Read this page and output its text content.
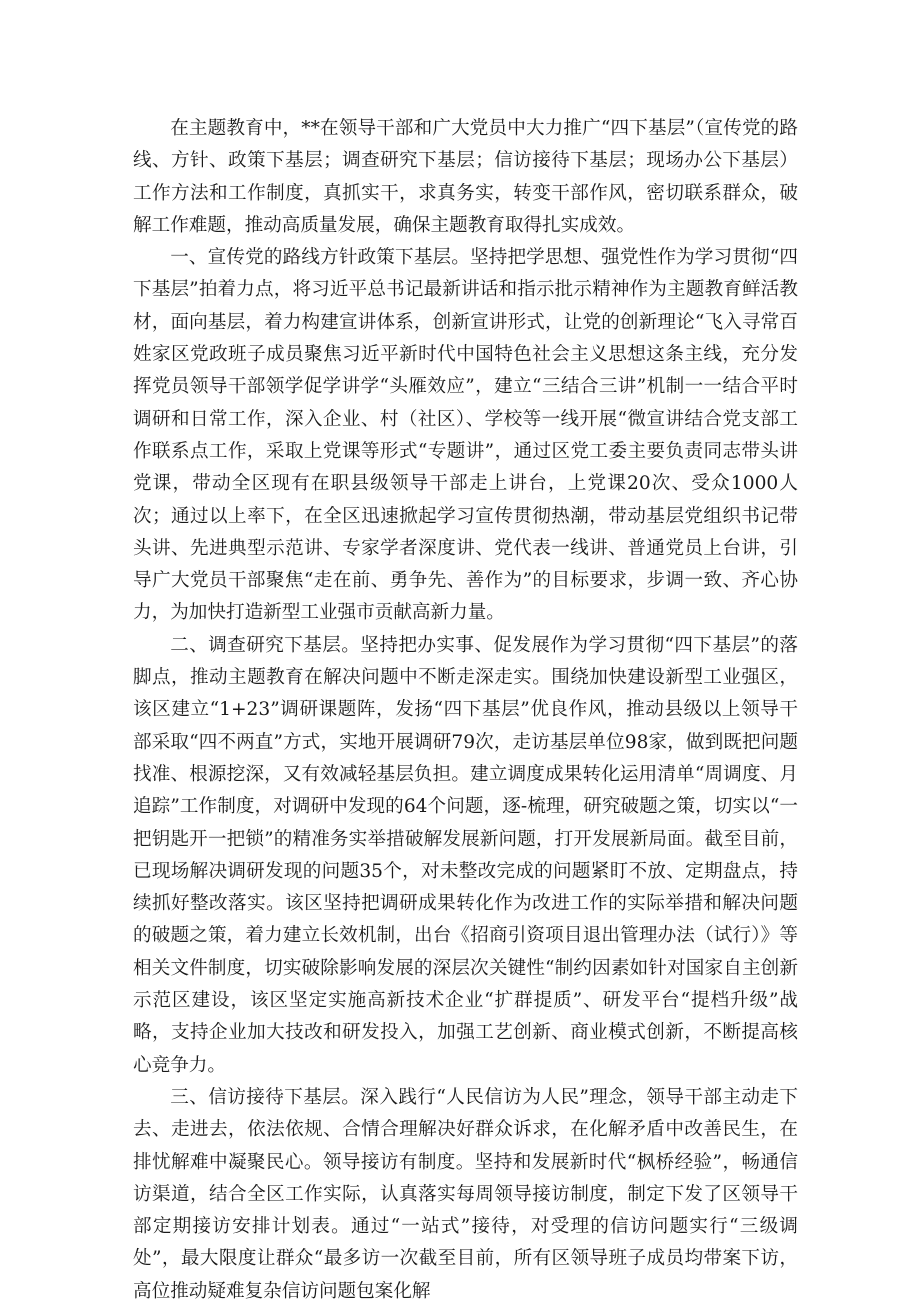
在主题教育中，**在领导干部和广大党员中大力推广“四下基层”（宣传党的路线、方针、政策下基层；调查研究下基层；信访接待下基层；现场办公下基层）工作方法和工作制度，真抓实干，求真务实，转变干部作风，密切联系群众，破解工作难题，推动高质量发展，确保主题教育取得扎实成效。

一、宣传党的路线方针政策下基层。坚持把学思想、强党性作为学习贯彻“四下基层”拍着力点，将习近平总书记最新讲话和指示批示精神作为主题教育鲜活教材，面向基层，着力构建宣讲体系，创新宣讲形式，让党的创新理论“飞入寻常百姓家区党政班子成员聚焦习近平新时代中国特色社会主义思想这条主线，充分发挥党员领导干部领学促学讲学“头雁效应”，建立“三结合三讲”机制一一结合平时调研和日常工作，深入企业、村（社区）、学校等一线开展“微宣讲结合党支部工作联系点工作，采取上党课等形式“专题讲”，通过区党工委主要负责同志带头讲党课，带动全区现有在职县级领导干部走上讲台，上党课20次、受众1000人次；通过以上率下，在全区迅速掀起学习宣传贯彻热潮，带动基层党组织书记带头讲、先进典型示范讲、专家学者深度讲、党代表一线讲、普通党员上台讲，引导广大党员干部聚焦“走在前、勇争先、善作为”的目标要求，步调一致、齐心协力，为加快打造新型工业强市贡献高新力量。

二、调查研究下基层。坚持把办实事、促发展作为学习贯彻“四下基层”的落脚点，推动主题教育在解决问题中不断走深走实。围绕加快建设新型工业强区，该区建立“1+23”调研课题阵，发扬“四下基层”优良作风，推动县级以上领导干部采取“四不两直”方式，实地开展调研79次，走访基层单位98家，做到既把问题找准、根源挖深，又有效减轻基层负担。建立调度成果转化运用清单“周调度、月追踪”工作制度，对调研中发现的64个问题，逐-梳理，研究破题之策，切实以“一把钥匙开一把锁”的精准务实举措破解发展新问题，打开发展新局面。截至目前，已现场解决调研发现的问题35个，对未整改完成的问题紧盯不放、定期盘点，持续抓好整改落实。该区坚持把调研成果转化作为改进工作的实际举措和解决问题的破题之策，着力建立长效机制，出台《招商引资项目退出管理办法（试行）》等相关文件制度，切实破除影响发展的深层次关键性“制约因素如针对国家自主创新示范区建设，该区坚定实施高新技术企业“扩群提质”、研发平台“提档升级”战略，支持企业加大技改和研发投入，加强工艺创新、商业模式创新，不断提高核心竞争力。

三、信访接待下基层。深入践行“人民信访为人民”理念，领导干部主动走下去、走进去，依法依规、合情合理解决好群众诉求，在化解矛盾中改善民生，在排忧解难中凝聚民心。领导接访有制度。坚持和发展新时代“枫桥经验”，畅通信访渠道，结合全区工作实际，认真落实每周领导接访制度，制定下发了区领导干部定期接访安排计划表。通过“一站式”接待，对受理的信访问题实行“三级调处”，最大限度让群众“最多访一次截至目前，所有区领导班子成员均带案下访，高位推动疑难复杂信访问题包案化解
